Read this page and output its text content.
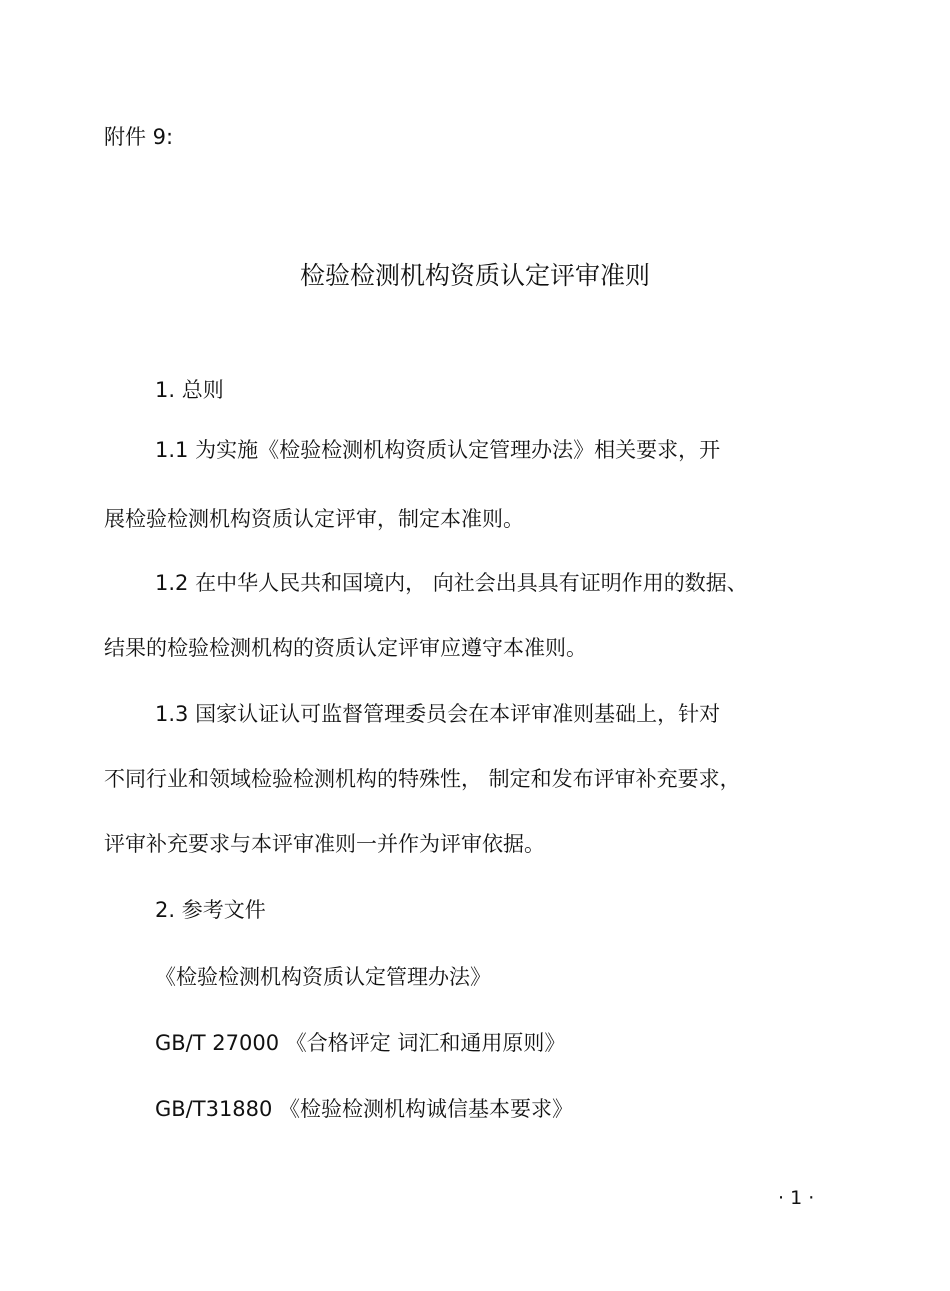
附件 9:
检验检测机构资质认定评审准则
1. 总则
1.1 为实施《检验检测机构资质认定管理办法》相关要求，开
展检验检测机构资质认定评审，制定本准则。
1.2 在中华人民共和国境内， 向社会出具具有证明作用的数据、
结果的检验检测机构的资质认定评审应遵守本准则。
1.3 国家认证认可监督管理委员会在本评审准则基础上，针对
不同行业和领域检验检测机构的特殊性， 制定和发布评审补充要求，
评审补充要求与本评审准则一并作为评审依据。
2. 参考文件
《检验检测机构资质认定管理办法》
GB/T 27000 《合格评定 词汇和通用原则》
GB/T31880 《检验检测机构诚信基本要求》
· 1 ·
